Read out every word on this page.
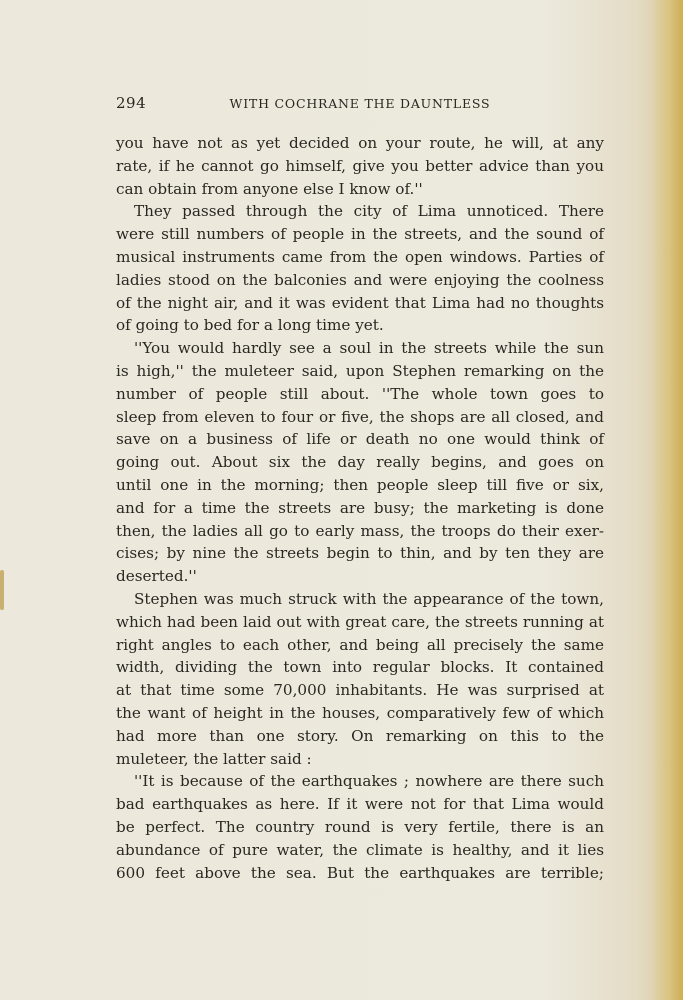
294	WITH COCHRANE THE DAUNTLESS
you have not as yet decided on your route, he will, at any
rate, if he cannot go himself, give you better advice than you
can obtain from anyone else I know of.''
They passed through the city of Lima unnoticed. There
were still numbers of people in the streets, and the sound of
musical instruments came from the open windows. Parties of
ladies stood on the balconies and were enjoying the coolness
of the night air, and it was evident that Lima had no thoughts
of going to bed for a long time yet.
''You would hardly see a soul in the streets while the sun
is high,'' the muleteer said, upon Stephen remarking on the
number of people still about. ''The whole town goes to
sleep from eleven to four or five, the shops are all closed, and
save on a business of life or death no one would think of
going out. About six the day really begins, and goes on
until one in the morning; then people sleep till five or six,
and for a time the streets are busy; the marketing is done
then, the ladies all go to early mass, the troops do their exer-
cises; by nine the streets begin to thin, and by ten they are
deserted.''
Stephen was much struck with the appearance of the town,
which had been laid out with great care, the streets running at
right angles to each other, and being all precisely the same
width, dividing the town into regular blocks. It contained
at that time some 70,000 inhabitants. He was surprised at
the want of height in the houses, comparatively few of which
had more than one story. On remarking on this to the
muleteer, the latter said :
''It is because of the earthquakes ; nowhere are there such
bad earthquakes as here. If it were not for that Lima would
be perfect. The country round is very fertile, there is an
abundance of pure water, the climate is healthy, and it lies
600 feet above the sea. But the earthquakes are terrible;
